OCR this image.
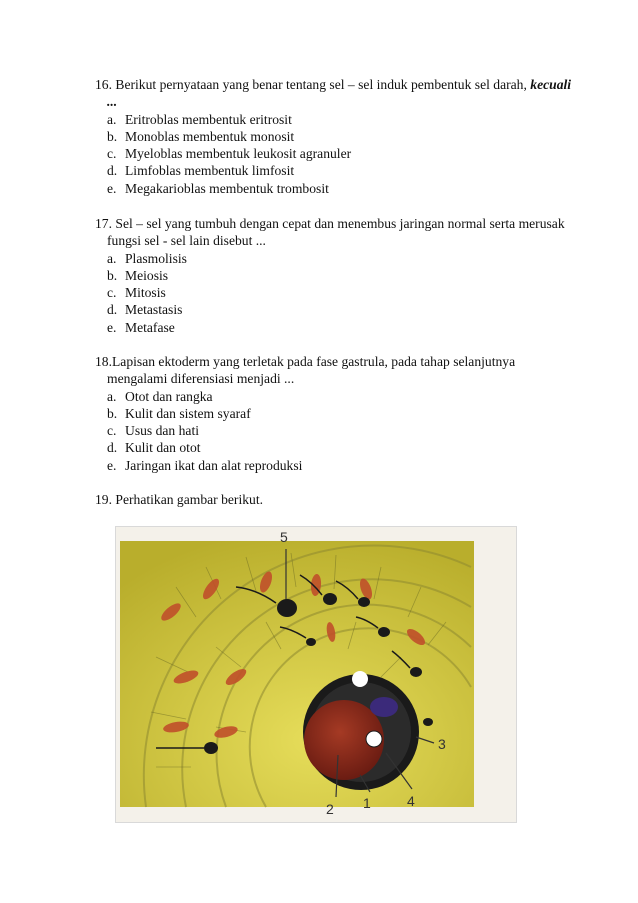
16. Berikut pernyataan yang benar tentang sel – sel induk pembentuk sel darah, kecuali ...
a. Eritroblas membentuk eritrosit
b. Monoblas membentuk monosit
c. Myeloblas membentuk leukosit agranuler
d. Limfoblas membentuk limfosit
e. Megakarioblas membentuk trombosit
17. Sel – sel yang tumbuh dengan cepat dan menembus jaringan normal serta merusak fungsi sel - sel lain disebut ...
a. Plasmolisis
b. Meiosis
c. Mitosis
d. Metastasis
e. Metafase
18.Lapisan ektoderm yang terletak pada fase gastrula, pada tahap selanjutnya mengalami diferensiasi menjadi ...
a. Otot dan rangka
b. Kulit dan sistem syaraf
c. Usus dan hati
d. Kulit dan otot
e. Jaringan ikat dan alat reproduksi
19. Perhatikan gambar berikut.
5
2 1	4
3
